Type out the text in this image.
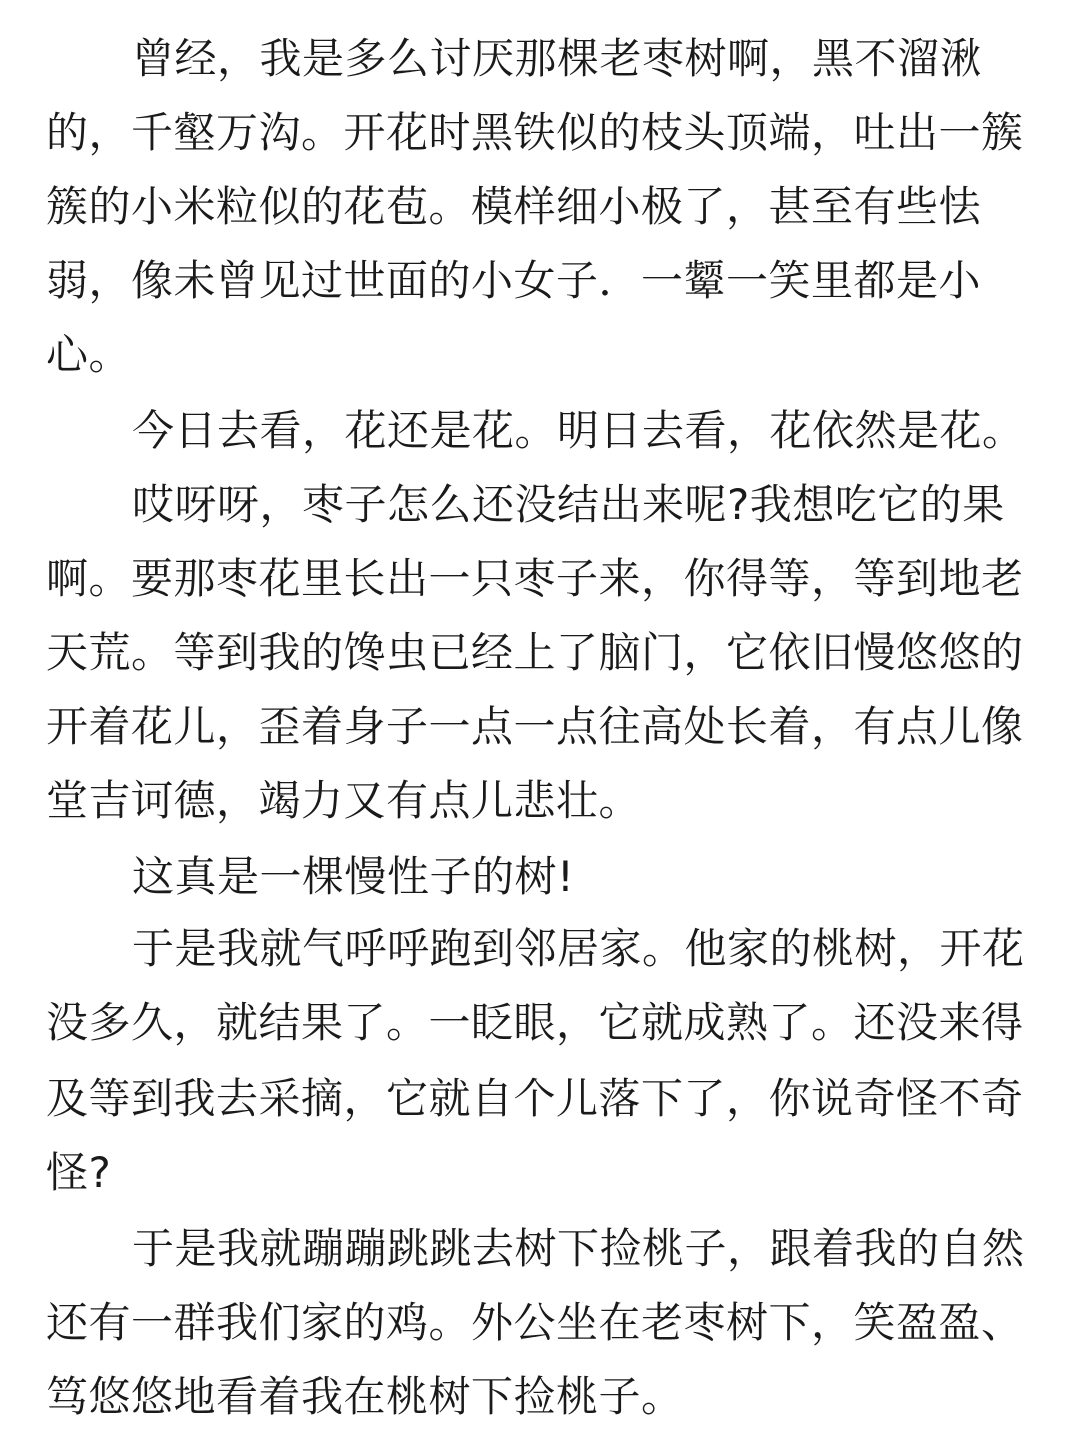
曾经，我是多么讨厌那棵老枣树啊，黑不溜湫
的，千壑万沟。开花时黑铁似的枝头顶端，吐出一簇
簇的小米粒似的花苞。模样细小极了，甚至有些怯
弱，像未曾见过世面的小女子．一颦一笑里都是小
心。
今日去看，花还是花。明日去看，花依然是花。
哎呀呀，枣子怎么还没结出来呢?我想吃它的果
啊。要那枣花里长出一只枣子来，你得等，等到地老
天荒。等到我的馋虫已经上了脑门，它依旧慢悠悠的
开着花儿，歪着身子一点一点往高处长着，有点儿像
堂吉诃德，竭力又有点儿悲壮。
这真是一棵慢性子的树!
于是我就气呼呼跑到邻居家。他家的桃树，开花
没多久，就结果了。一眨眼，它就成熟了。还没来得
及等到我去采摘，它就自个儿落下了，你说奇怪不奇
怪?
于是我就蹦蹦跳跳去树下捡桃子，跟着我的自然
还有一群我们家的鸡。外公坐在老枣树下，笑盈盈、
笃悠悠地看着我在桃树下捡桃子。
